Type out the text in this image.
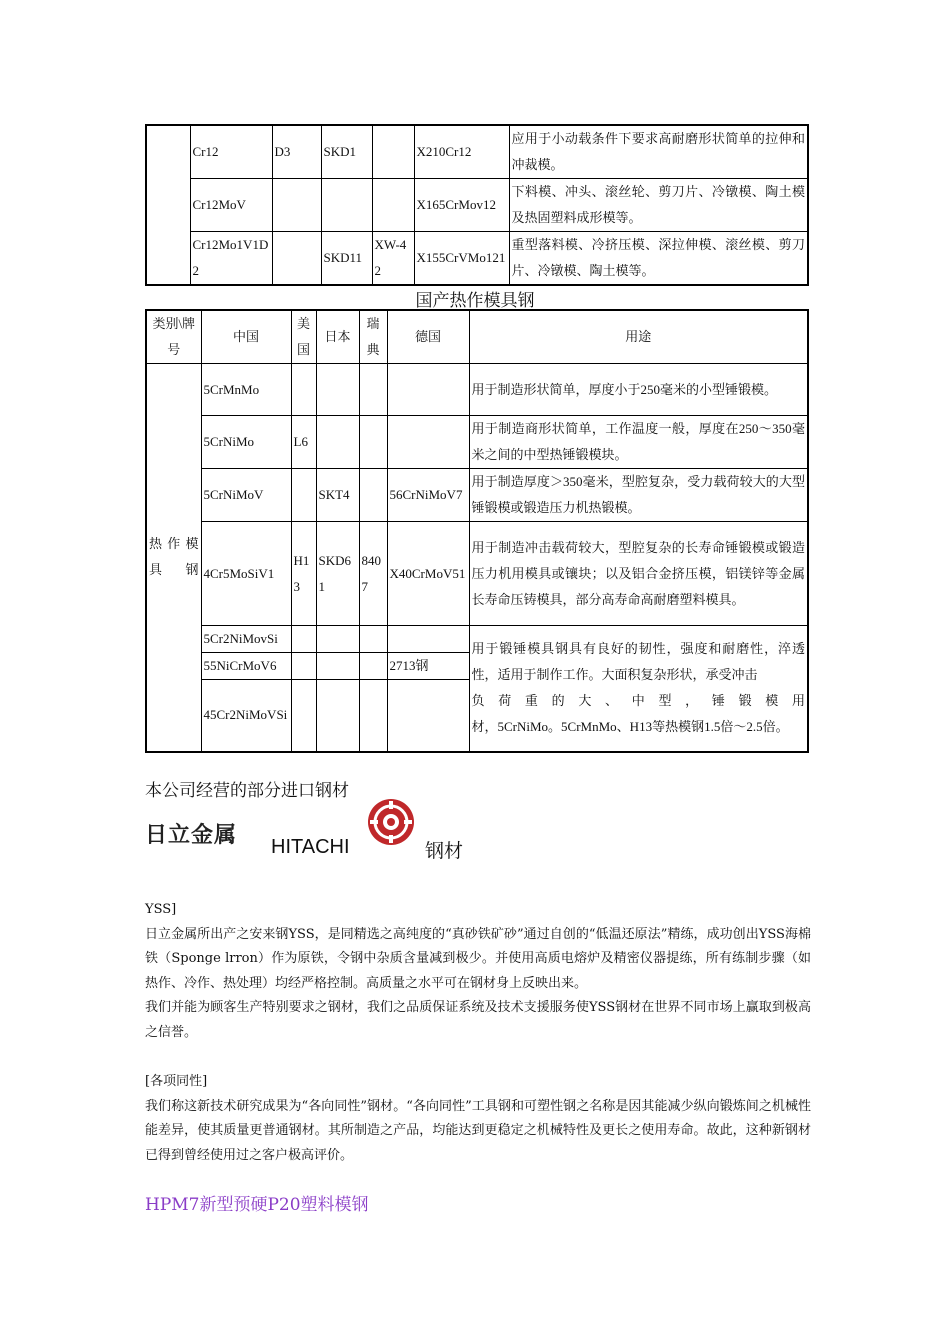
	Cr12	D3	SKD1		X210Cr12	应用于小动载条件下要求高耐磨形状简单的拉伸和冲裁模。
	Cr12MoV				X165CrMov12	下料模、冲头、滚丝轮、剪刀片、冷镦模、陶土模及热固塑料成形模等。
	Cr12Mo1V1D2		SKD11	XW-42	X155CrVMo121	重型落料模、冷挤压模、深拉伸模、滚丝模、剪刀片、冷镦模、陶土模等。
国产热作模具钢
类别\牌号	中国	美国	日本	瑞典	德国	用途
热作模具钢	5CrMnMo					用于制造形状简单，厚度小于250毫米的小型锤锻模。
	5CrNiMo	L6				用于制造商形状简单，工作温度一般，厚度在250～350毫米之间的中型热锤锻模块。
	5CrNiMoV		SKT4		56CrNiMoV7	用于制造厚度＞350毫米，型腔复杂，受力载荷较大的大型锤锻模或锻造压力机热锻模。
	4Cr5MoSiV1	H13	SKD61	8407	X40CrMoV51	用于制造冲击载荷较大，型腔复杂的长寿命锤锻模或锻造压力机用模具或镶块；以及铝合金挤压模，铝镁锌等金属长寿命压铸模具，部分高寿命高耐磨塑料模具。
	5Cr2NiMovSi					用于锻锤模具钢具有良好的韧性，强度和耐磨性，淬透性，适用于制作工作。大面积复杂形状，承受冲击
负荷重的大、中型，锤锻模用
材，5CrNiMo。5CrMnMo、H13等热模钢1.5倍～2.5倍。

	55NiCrMoV6				2713钢	
	45Cr2NiMoVSi					
本公司经营的部分进口钢材
日立金属 HITACHI	钢材

YSS]

日立金属所出产之安来钢YSS，是同精选之高纯度的“真砂铁矿砂”通过自创的“低温还原法”精练，成功创出YSS海棉铁（Sponge lrron）作为原铁，令钢中杂质含量减到极少。并使用高质电熔炉及精密仪器提练，所有练制步骤（如热作、冷作、热处理）均经严格控制。高质量之水平可在钢材身上反映出来。

我们并能为顾客生产特别要求之钢材，我们之品质保证系统及技术支援服务使YSS钢材在世界不同市场上赢取到极高之信誉。

[各项同性]

我们称这新技术研究成果为“各向同性”钢材。“各向同性”工具钢和可塑性钢之名称是因其能减少纵向锻炼间之机械性能差异，使其质量更普通钢材。其所制造之产品，均能达到更稳定之机械特性及更长之使用寿命。故此，这种新钢材已得到曾经使用过之客户极高评价。

HPM7新型预硬P20塑料模钢
